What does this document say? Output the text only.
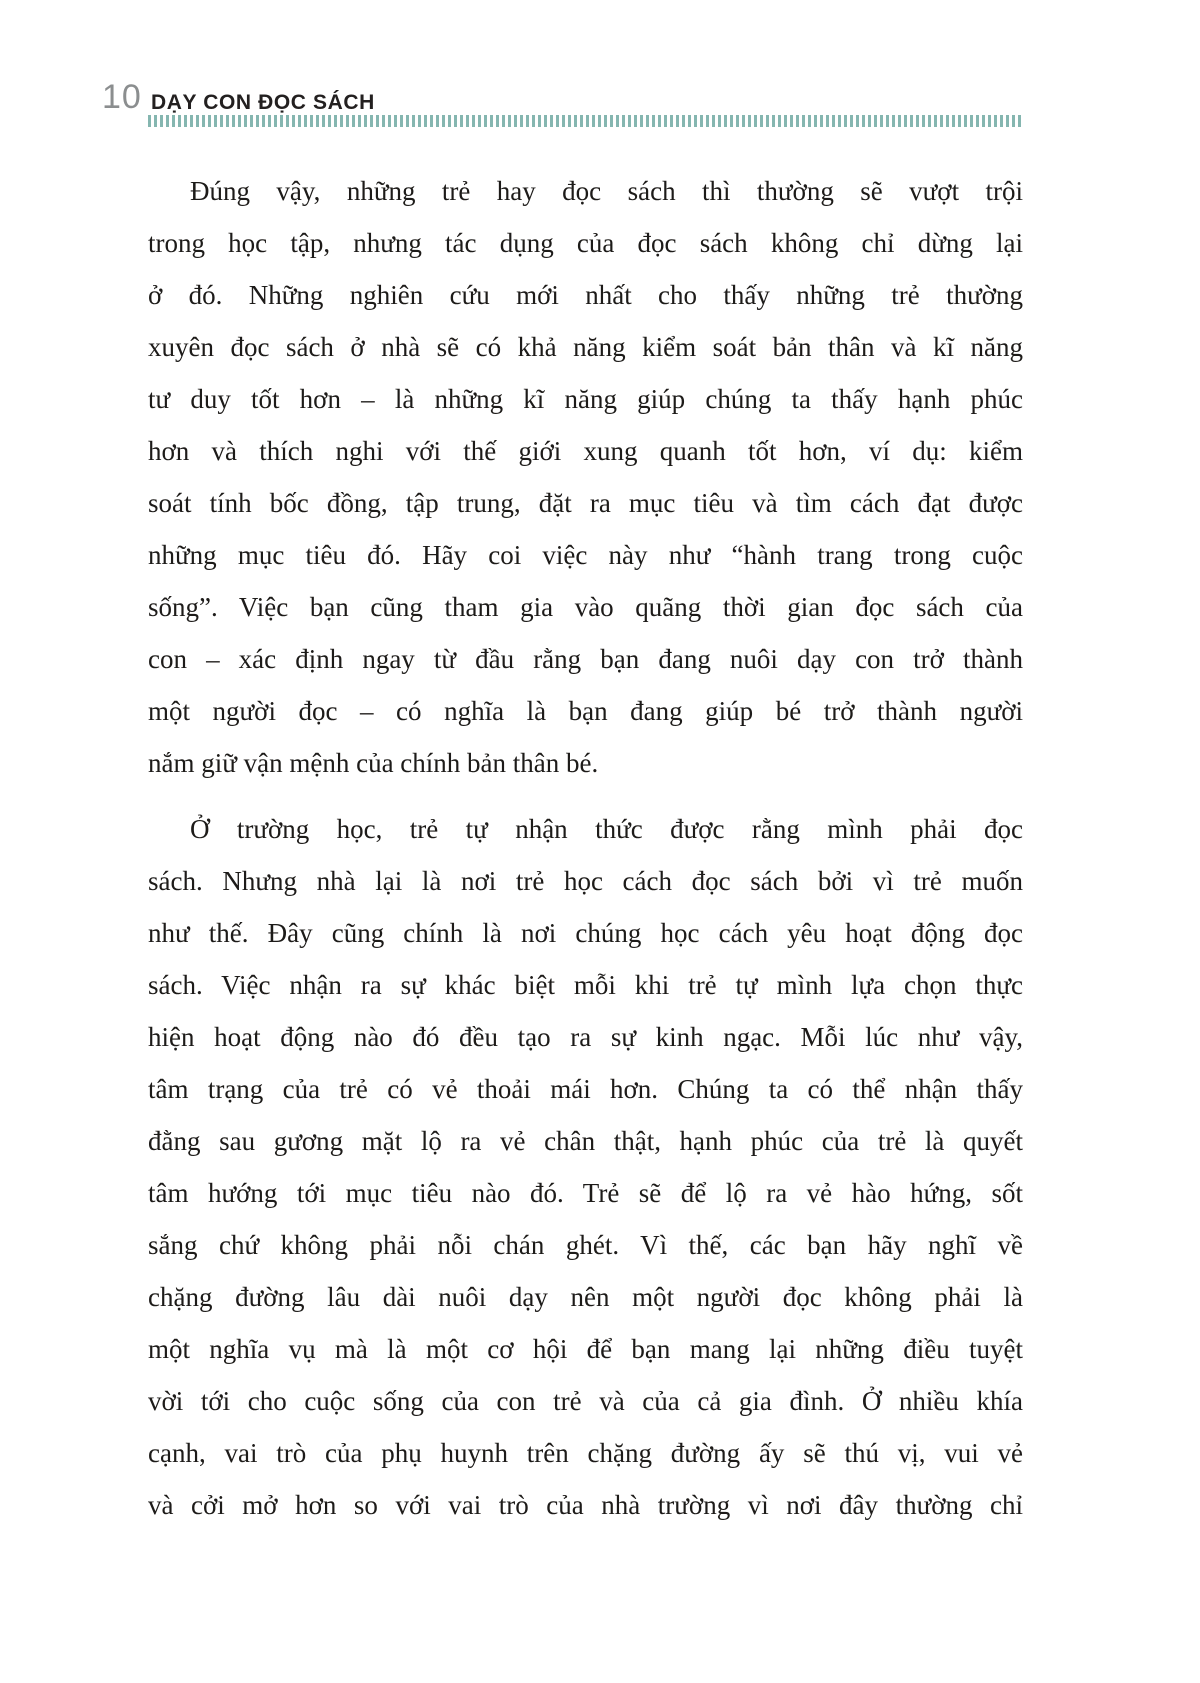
10 DẠY CON ĐỌC SÁCH
Đúng vậy, những trẻ hay đọc sách thì thường sẽ vượt trội
trong học tập, nhưng tác dụng của đọc sách không chỉ dừng lại
ở đó. Những nghiên cứu mới nhất cho thấy những trẻ thường
xuyên đọc sách ở nhà sẽ có khả năng kiểm soát bản thân và kĩ năng
tư duy tốt hơn – là những kĩ năng giúp chúng ta thấy hạnh phúc
hơn và thích nghi với thế giới xung quanh tốt hơn, ví dụ: kiểm
soát tính bốc đồng, tập trung, đặt ra mục tiêu và tìm cách đạt được
những mục tiêu đó. Hãy coi việc này như “hành trang trong cuộc
sống”. Việc bạn cũng tham gia vào quãng thời gian đọc sách của
con – xác định ngay từ đầu rằng bạn đang nuôi dạy con trở thành
một người đọc – có nghĩa là bạn đang giúp bé trở thành người
nắm giữ vận mệnh của chính bản thân bé.
Ở trường học, trẻ tự nhận thức được rằng mình phải đọc
sách. Nhưng nhà lại là nơi trẻ học cách đọc sách bởi vì trẻ muốn
như thế. Đây cũng chính là nơi chúng học cách yêu hoạt động đọc
sách. Việc nhận ra sự khác biệt mỗi khi trẻ tự mình lựa chọn thực
hiện hoạt động nào đó đều tạo ra sự kinh ngạc. Mỗi lúc như vậy,
tâm trạng của trẻ có vẻ thoải mái hơn. Chúng ta có thể nhận thấy
đằng sau gương mặt lộ ra vẻ chân thật, hạnh phúc của trẻ là quyết
tâm hướng tới mục tiêu nào đó. Trẻ sẽ để lộ ra vẻ hào hứng, sốt
sắng chứ không phải nỗi chán ghét. Vì thế, các bạn hãy nghĩ về
chặng đường lâu dài nuôi dạy nên một người đọc không phải là
một nghĩa vụ mà là một cơ hội để bạn mang lại những điều tuyệt
vời tới cho cuộc sống của con trẻ và của cả gia đình. Ở nhiều khía
cạnh, vai trò của phụ huynh trên chặng đường ấy sẽ thú vị, vui vẻ
và cởi mở hơn so với vai trò của nhà trường vì nơi đây thường chỉ
